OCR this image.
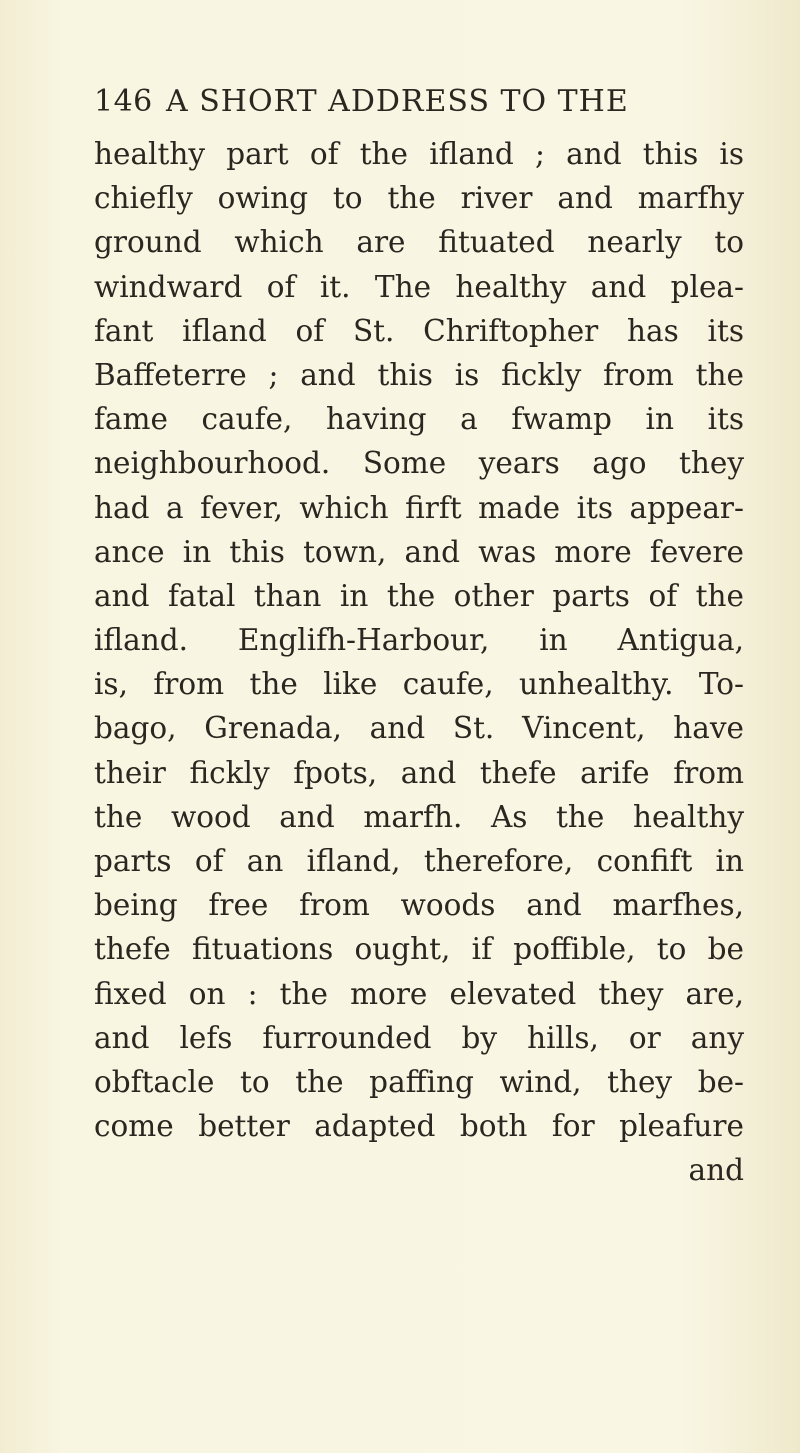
146 A SHORT ADDRESS TO THE
healthy part of the ifland ; and this is
chiefly owing to the river and marfhy
ground which are fituated nearly to
windward of it. The healthy and plea-
fant ifland of St. Chriftopher has its
Baffeterre ; and this is fickly from the
fame caufe, having a fwamp in its
neighbourhood. Some years ago they
had a fever, which firft made its appear-
ance in this town, and was more fevere
and fatal than in the other parts of the
ifland. Englifh-Harbour, in Antigua,
is, from the like caufe, unhealthy. To-
bago, Grenada, and St. Vincent, have
their fickly fpots, and thefe arife from
the wood and marfh. As the healthy
parts of an ifland, therefore, confift in
being free from woods and marfhes,
thefe fituations ought, if poffible, to be
fixed on : the more elevated they are,
and lefs furrounded by hills, or any
obftacle to the paffing wind, they be-
come better adapted both for pleafure
and
